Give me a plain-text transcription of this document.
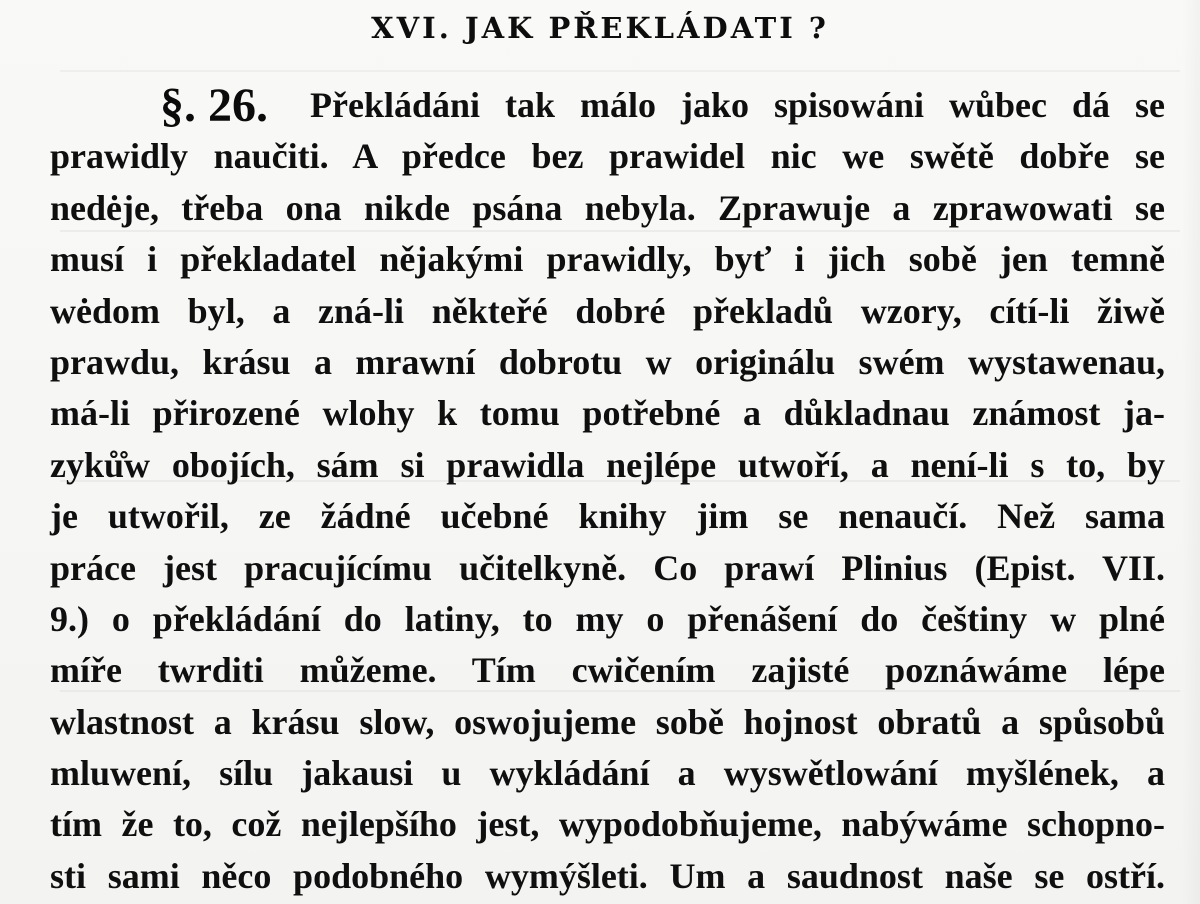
XVI. JAK PŘEKLÁDATI ?
§. 26.	Překládáni tak málo jako spisowáni wůbec dá se
prawidly naučiti. A předce bez prawidel nic we swětě dobře se
nedėje, třeba ona nikde psána nebyla. Zprawuje a zprawowati se
musí i překladatel nějakými prawidly, byť i jich sobě jen temně
wėdom byl, a zná-li někteřé dobré překladů wzory, cítí-li žiwě
prawdu, krásu a mrawní dobrotu w originálu swém wystawenau,
má-li přirozené wlohy k tomu potřebné a důkladnau známost ja-
zyků̊w obojích, sám si prawidla nejlépe utwoří, a není-li s to, by
je utwořil, ze žádné učebné knihy jim se nenaučí. Než sama
práce jest pracujícímu učitelkyně. Co prawí Plinius (Epist. VII.
9.) o překládání do latiny, to my o přenášení do češtiny w plné
míře twrditi můžeme. Tím cwičením zajisté poznáwáme lépe
wlastnost a krásu slow, oswojujeme sobě hojnost obratů a spůsobů
mluwení, sílu jakausi u wykládání a wyswětlowání myšlének, a
tím že to, což nejlepšího jest, wypodobňujeme, nabýwáme schopno-
sti sami něco podobného wymýšleti. Um a saudnost naše se ostří.
